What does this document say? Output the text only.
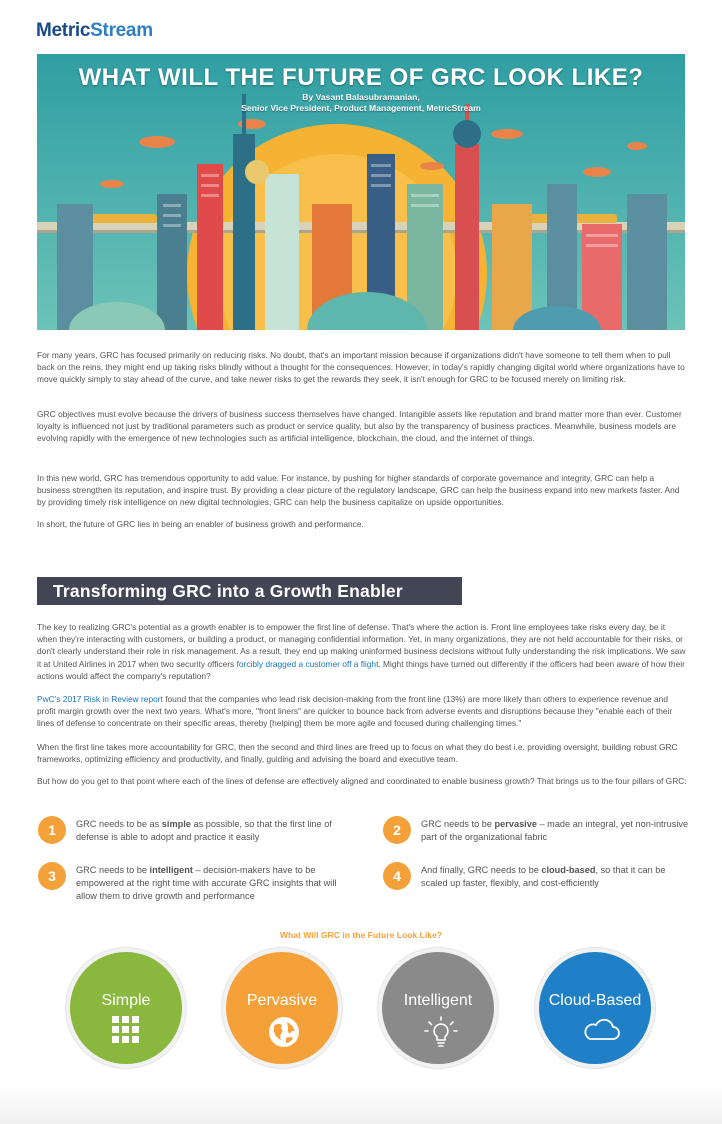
MetricStream
WHAT WILL THE FUTURE OF GRC LOOK LIKE?
By Vasant Balasubramanian,
Senior Vice President, Product Management, MetricStream

For many years, GRC has focused primarily on reducing risks. No doubt, that's an important mission because if organizations didn't have someone to tell them when to pull back on the reins, they might end up taking risks blindly without a thought for the consequences. However, in today's rapidly changing digital world where organizations have to move quickly simply to stay ahead of the curve, and take newer risks to get the rewards they seek, it isn't enough for GRC to be focused merely on limiting risk.

GRC objectives must evolve because the drivers of business success themselves have changed. Intangible assets like reputation and brand matter more than ever. Customer loyalty is influenced not just by traditional parameters such as product or service quality, but also by the transparency of business practices. Meanwhile, business models are evolving rapidly with the emergence of new technologies such as artificial intelligence, blockchain, the cloud, and the internet of things.

In this new world, GRC has tremendous opportunity to add value. For instance, by pushing for higher standards of corporate governance and integrity, GRC can help a business strengthen its reputation, and inspire trust. By providing a clear picture of the regulatory landscape, GRC can help the business expand into new markets faster. And by providing timely risk intelligence on new digital technologies, GRC can help the business capitalize on upside opportunities.

In short, the future of GRC lies in being an enabler of business growth and performance.

Transforming GRC into a Growth Enabler

The key to realizing GRC's potential as a growth enabler is to empower the first line of defense. That's where the action is. Front line employees take risks every day, be it when they're interacting with customers, or building a product, or managing confidential information. Yet, in many organizations, they are not held accountable for their risks, or don't clearly understand their role in risk management. As a result, they end up making uninformed business decisions without fully understanding the risk implications. We saw it at United Airlines in 2017 when two security officers forcibly dragged a customer off a flight. Might things have turned out differently if the officers had been aware of how their actions would affect the company's reputation?

PwC's 2017 Risk in Review report found that the companies who lead risk decision-making from the front line (13%) are more likely than others to experience revenue and profit margin growth over the next two years. What's more, "front liners" are quicker to bounce back from adverse events and disruptions because they "enable each of their lines of defense to concentrate on their specific areas, thereby [helping] them be more agile and focused during challenging times."

When the first line takes more accountability for GRC, then the second and third lines are freed up to focus on what they do best i.e. providing oversight, building robust GRC frameworks, optimizing efficiency and productivity, and finally, guiding and advising the board and executive team.

But how do you get to that point where each of the lines of defense are effectively aligned and coordinated to enable business growth? That brings us to the four pillars of GRC:

1	GRC needs to be as simple as possible, so that the first line of defense is able to adopt and practice it easily	2	GRC needs to be pervasive – made an integral, yet non-intrusive part of the organizational fabric
3	GRC needs to be intelligent – decision-makers have to be empowered at the right time with accurate GRC insights that will allow them to drive growth and performance
4	And finally, GRC needs to be cloud-based, so that it can be scaled up faster, flexibly, and cost-efficiently
What Will GRC in the Future Look Like?
Simple	Pervasive	Intelligent	Cloud-Based
